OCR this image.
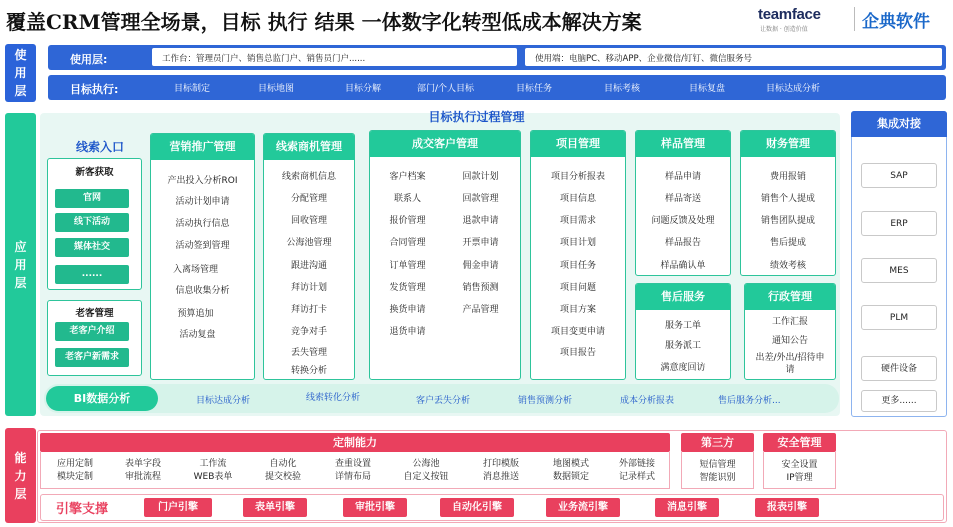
覆盖CRM管理全场景，目标 执行 结果 一体数字化转型低成本解决方案	teamface
让数据 · 创造价值	企典软件
使用层
应用层
能力层
使用层:	工作台：管理员门户、销售总监门户、销售员门户......	使用端：电脑PC、移动APP、企业微信/钉钉、微信服务号
目标执行:	目标制定	目标地图	目标分解	部门/个人目标	目标任务	目标考核	目标复盘	目标达成分析
目标执行过程管理
线索入口
新客获取
官网
线下活动
媒体社交
......
老客管理
老客户介绍
老客户新需求
营销推广管理
产出投入分析ROI
活动计划申请
活动执行信息
活动签到管理
入离场管理
信息收集分析
预算追加
活动复盘
线索商机管理
线索商机信息
分配管理
回收管理
公海池管理
跟进沟通
拜访计划
拜访打卡
竞争对手
丢失管理
转换分析
成交客户管理
客户档案
联系人
报价管理
合同管理
订单管理
发货管理
换货申请
退货申请
回款计划
回款管理
退款申请
开票申请
佣金申请
销售预测
产品管理
项目管理
项目分析报表
项目信息
项目需求
项目计划
项目任务
项目问题
项目方案
项目变更申请
项目报告
样品管理
样品申请
样品寄送
问题反馈及处理
样品报告
样品确认单
财务管理
费用报销
销售个人提成
销售团队提成
售后提成
绩效考核
售后服务
服务工单
服务派工
满意度回访
行政管理
工作汇报
通知公告
出差/外出/招待申请
BI数据分析	目标达成分析	线索转化分析	客户丢失分析	销售预测分析	成本分析报表	售后服务分析...
集成对接
SAP
ERP
MES
PLM
硬件设备
定制能力
应用定制
模块定制
表单字段
审批流程
工作流
WEB表单
自动化
提交校验
查重设置
详情布局
公海池
自定义按钮
打印模版
消息推送
地图模式
数据锁定
外部链接
记录样式
第三方
短信管理
智能识别
安全管理
安全设置
IP管理
引擎支撑	门户引擎	表单引擎	审批引擎	自动化引擎	业务流引擎	消息引擎	报表引擎
更多......
